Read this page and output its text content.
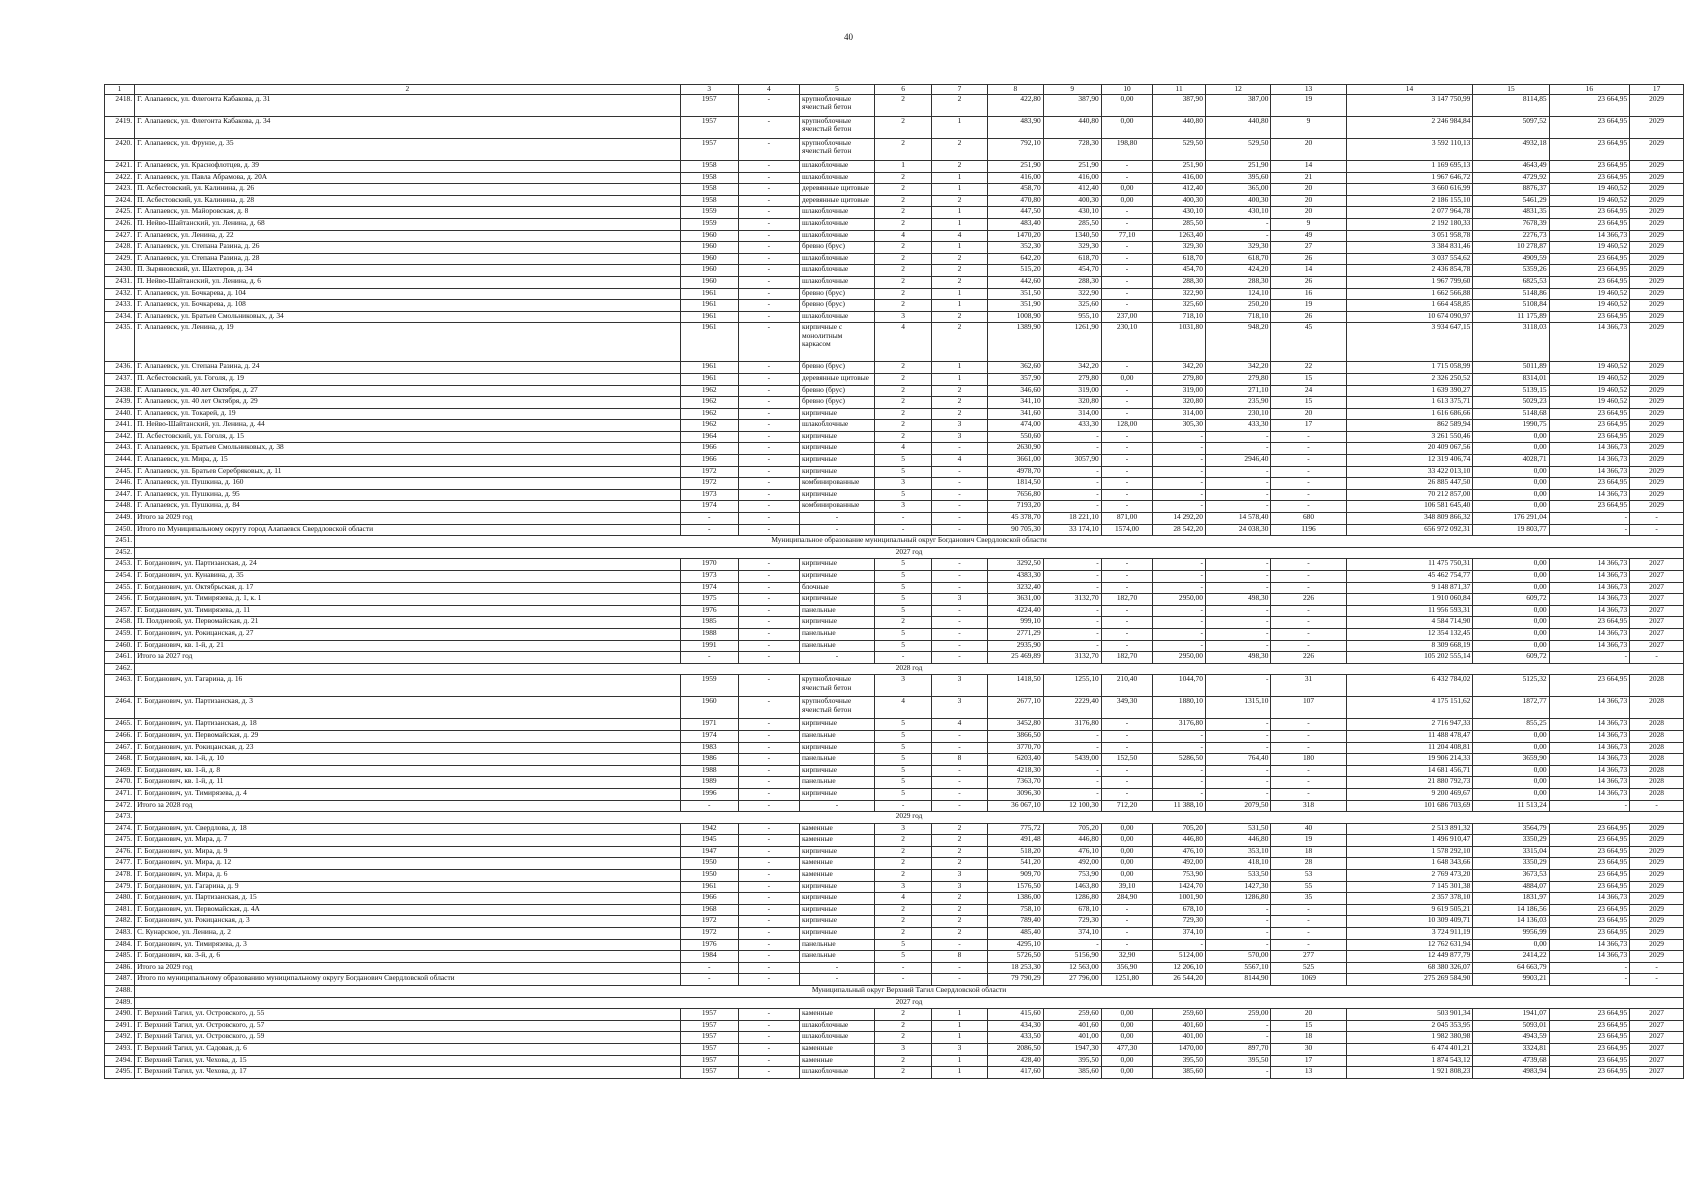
40
1	2	3	4	5	6	7	8	9	10	11	12	13	14	15	16	17
2418.	Г. Алапаевск, ул. Флегонта Кабакова, д. 31	1957	-	крупноблочные ячеистый бетон	2	2	422,80	387,90	0,00	387,90	387,00	19	3 147 750,99	8114,85	23 664,95	2029
2419.	Г. Алапаевск, ул. Флегонта Кабакова, д. 34	1957	-	крупноблочные ячеистый бетон	2	1	483,90	440,80	0,00	440,80	440,80	9	2 246 984,84	5097,52	23 664,95	2029
2420.	Г. Алапаевск, ул. Фрунзе, д. 35	1957	-	крупноблочные ячеистый бетон	2	2	792,10	728,30	198,80	529,50	529,50	20	3 592 110,13	4932,18	23 664,95	2029
2421.	Г. Алапаевск, ул. Краснофлотцев, д. 39	1958	-	шлакоблочные	1	2	251,90	251,90	-	251,90	251,90	14	1 169 695,13	4643,49	23 664,95	2029
2422.	Г. Алапаевск, ул. Павла Абрамова, д. 20А	1958	-	шлакоблочные	2	1	416,00	416,00	-	416,00	395,60	21	1 967 646,72	4729,92	23 664,95	2029
2423.	П. Асбестовский, ул. Калинина, д. 26	1958	-	деревянные щитовые	2	1	458,70	412,40	0,00	412,40	365,00	20	3 660 616,99	8876,37	19 460,52	2029
2424.	П. Асбестовский, ул. Калинина, д. 28	1958	-	деревянные щитовые	2	2	470,80	400,30	0,00	400,30	400,30	20	2 186 155,10	5461,29	19 460,52	2029
2425.	Г. Алапаевск, ул. Майоровская, д. 8	1959	-	шлакоблочные	2	1	447,50	430,10	-	430,10	430,10	20	2 077 964,78	4831,35	23 664,95	2029
2426.	П. Нейво-Шайтанский, ул. Ленина, д. 68	1959	-	шлакоблочные	2	1	483,40	285,50	-	285,50	-	9	2 192 180,33	7678,39	23 664,95	2029
2427.	Г. Алапаевск, ул. Ленина, д. 22	1960	-	шлакоблочные	4	4	1470,20	1340,50	77,10	1263,40	-	49	3 051 958,78	2276,73	14 366,73	2029
2428.	Г. Алапаевск, ул. Степана Разина, д. 26	1960	-	бревно (брус)	2	1	352,30	329,30	-	329,30	329,30	27	3 384 831,46	10 278,87	19 460,52	2029
2429.	Г. Алапаевск, ул. Степана Разина, д. 28	1960	-	шлакоблочные	2	2	642,20	618,70	-	618,70	618,70	26	3 037 554,62	4909,59	23 664,95	2029
2430.	П. Зыряновский, ул. Шахтеров, д. 34	1960	-	шлакоблочные	2	2	515,20	454,70	-	454,70	424,20	14	2 436 854,78	5359,26	23 664,95	2029
2431.	П. Нейво-Шайтанский, ул. Ленина, д. 6	1960	-	шлакоблочные	2	2	442,60	288,30	-	288,30	288,30	26	1 967 799,60	6825,53	23 664,95	2029
2432.	Г. Алапаевск, ул. Бочкарева, д. 104	1961	-	бревно (брус)	2	1	351,50	322,90	-	322,90	124,10	16	1 662 566,88	5148,86	19 460,52	2029
2433.	Г. Алапаевск, ул. Бочкарева, д. 108	1961	-	бревно (брус)	2	1	351,90	325,60	-	325,60	250,20	19	1 664 458,85	5108,84	19 460,52	2029
2434.	Г. Алапаевск, ул. Братьев Смольниковых, д. 34	1961	-	шлакоблочные	3	2	1008,90	955,10	237,00	718,10	718,10	26	10 674 090,97	11 175,89	23 664,95	2029
2435.	Г. Алапаевск, ул. Ленина, д. 19	1961	-	кирпичные с монолитным каркасом	4	2	1389,90	1261,90	230,10	1031,80	948,20	45	3 934 647,15	3118,03	14 366,73	2029
2436.	Г. Алапаевск, ул. Степана Разина, д. 24	1961	-	бревно (брус)	2	1	362,60	342,20	-	342,20	342,20	22	1 715 058,99	5011,89	19 460,52	2029
2437.	П. Асбестовский, ул. Гоголя, д. 19	1961	-	деревянные щитовые	2	1	357,90	279,80	0,00	279,80	279,80	15	2 326 250,52	8314,01	19 460,52	2029
2438.	Г. Алапаевск, ул. 40 лет Октября, д. 27	1962	-	бревно (брус)	2	2	346,60	319,00	-	319,00	271,10	24	1 639 390,27	5139,15	19 460,52	2029
2439.	Г. Алапаевск, ул. 40 лет Октября, д. 29	1962	-	бревно (брус)	2	2	341,10	320,80	-	320,80	235,90	15	1 613 375,71	5029,23	19 460,52	2029
2440.	Г. Алапаевск, ул. Токарей, д. 19	1962	-	кирпичные	2	2	341,60	314,00	-	314,00	230,10	20	1 616 686,66	5148,68	23 664,95	2029
2441.	П. Нейво-Шайтанский, ул. Ленина, д. 44	1962	-	шлакоблочные	2	3	474,00	433,30	128,00	305,30	433,30	17	862 589,94	1990,75	23 664,95	2029
2442.	П. Асбестовский, ул. Гоголя, д. 15	1964	-	кирпичные	2	3	550,60	-	-	-	-	-	3 261 550,46	0,00	23 664,95	2029
2443.	Г. Алапаевск, ул. Братьев Смольниковых, д. 38	1966	-	кирпичные	4	-	2630,90	-	-	-	-	-	20 409 067,56	0,00	14 366,73	2029
2444.	Г. Алапаевск, ул. Мира, д. 15	1966	-	кирпичные	5	4	3661,00	3057,90	-	-	2946,40	-	12 319 406,74	4028,71	14 366,73	2029
2445.	Г. Алапаевск, ул. Братьев Серебряковых, д. 11	1972	-	кирпичные	5	-	4978,70	-	-	-	-	-	33 422 013,10	0,00	14 366,73	2029
2446.	Г. Алапаевск, ул. Пушкина, д. 160	1972	-	комбинированные	3	-	1814,50	-	-	-	-	-	26 885 447,50	0,00	23 664,95	2029
2447.	Г. Алапаевск, ул. Пушкина, д. 95	1973	-	кирпичные	5	-	7656,80	-	-	-	-	-	70 212 857,00	0,00	14 366,73	2029
2448.	Г. Алапаевск, ул. Пушкина, д. 84	1974	-	комбинированные	3	-	7193,20	-	-	-	-	-	106 581 645,40	0,00	23 664,95	2029
2449.	Итого за 2029 год	-	-	-	-	-	45 378,70	18 221,10	871,00	14 292,20	14 578,40	680	348 809 866,32	176 291,04	-	-
2450.	Итого по Муниципальному округу город Алапаевск Свердловской области	-	-	-	-	-	90 705,30	33 174,10	1574,00	28 542,20	24 038,30	1196	656 972 092,31	19 803,77	-	-
2451.	Муниципальное образование муниципальный округ Богданович Свердловской области															
2452.	2027 год															
2453.	Г. Богданович, ул. Партизанская, д. 24	1970	-	кирпичные	5	-	3292,50	-	-	-	-	-	11 475 750,31	0,00	14 366,73	2027
2454.	Г. Богданович, ул. Кунавина, д. 35	1973	-	кирпичные	5	-	4383,30	-	-	-	-	-	45 462 754,77	0,00	14 366,73	2027
2455.	Г. Богданович, ул. Октябрьская, д. 17	1974	-	блочные	5	-	3232,40	-	-	-	-	-	9 148 871,37	0,00	14 366,73	2027
2456.	Г. Богданович, ул. Тимирязева, д. 1, к. 1	1975	-	кирпичные	5	3	3631,00	3132,70	182,70	2950,00	498,30	226	1 910 060,84	609,72	14 366,73	2027
2457.	Г. Богданович, ул. Тимирязева, д. 11	1976	-	панельные	5	-	4224,40	-	-	-	-	-	11 956 593,31	0,00	14 366,73	2027
2458.	П. Полдневой, ул. Первомайская, д. 21	1985	-	кирпичные	2	-	999,10	-	-	-	-	-	4 584 714,90	0,00	23 664,95	2027
2459.	Г. Богданович, ул. Рокицанская, д. 27	1988	-	панельные	5	-	2771,29	-	-	-	-	-	12 354 132,45	0,00	14 366,73	2027
2460.	Г. Богданович, кв. 1-й, д. 21	1991	-	панельные	5	-	2935,90	-	-	-	-	-	8 309 668,19	0,00	14 366,73	2027
2461.	Итого за 2027 год	-	-	-	-	-	25 469,89	3132,70	182,70	2950,00	498,30	226	105 202 555,14	609,72	-	-
2462.	2028 год															
2463.	Г. Богданович, ул. Гагарина, д. 16	1959	-	крупноблочные ячеистый бетон	3	3	1418,50	1255,10	210,40	1044,70	-	31	6 432 784,02	5125,32	23 664,95	2028
2464.	Г. Богданович, ул. Партизанская, д. 3	1960	-	крупноблочные ячеистый бетон	4	3	2677,10	2229,40	349,30	1880,10	1315,10	107	4 175 151,62	1872,77	14 366,73	2028
2465.	Г. Богданович, ул. Партизанская, д. 18	1971	-	кирпичные	5	4	3452,80	3176,80	-	3176,80	-	-	2 716 947,33	855,25	14 366,73	2028
2466.	Г. Богданович, ул. Первомайская, д. 29	1974	-	панельные	5	-	3866,50	-	-	-	-	-	11 488 478,47	0,00	14 366,73	2028
2467.	Г. Богданович, ул. Рокицанская, д. 23	1983	-	кирпичные	5	-	3770,70	-	-	-	-	-	11 204 408,81	0,00	14 366,73	2028
2468.	Г. Богданович, кв. 1-й, д. 10	1986	-	панельные	5	8	6203,40	5439,00	152,50	5286,50	764,40	180	19 906 214,33	3659,90	14 366,73	2028
2469.	Г. Богданович, кв. 1-й, д. 8	1988	-	кирпичные	5	-	4218,30	-	-	-	-	-	14 681 456,71	0,00	14 366,73	2028
2470.	Г. Богданович, кв. 1-й, д. 11	1989	-	панельные	5	-	7363,70	-	-	-	-	-	21 880 792,73	0,00	14 366,73	2028
2471.	Г. Богданович, ул. Тимирязева, д. 4	1996	-	кирпичные	5	-	3096,30	-	-	-	-	-	9 200 469,67	0,00	14 366,73	2028
2472.	Итого за 2028 год	-	-	-	-	-	36 067,10	12 100,30	712,20	11 388,10	2079,50	318	101 686 703,69	11 513,24	-	-
2473.	2029 год															
2474.	Г. Богданович, ул. Свердлова, д. 18	1942	-	каменные	3	2	775,72	705,20	0,00	705,20	531,50	40	2 513 891,32	3564,79	23 664,95	2029
2475.	Г. Богданович, ул. Мира, д. 7	1945	-	каменные	2	2	491,48	446,80	0,00	446,80	446,80	19	1 496 910,47	3350,29	23 664,95	2029
2476.	Г. Богданович, ул. Мира, д. 9	1947	-	кирпичные	2	2	518,20	476,10	0,00	476,10	353,10	18	1 578 292,10	3315,04	23 664,95	2029
2477.	Г. Богданович, ул. Мира, д. 12	1950	-	каменные	2	2	541,20	492,00	0,00	492,00	418,10	28	1 648 343,66	3350,29	23 664,95	2029
2478.	Г. Богданович, ул. Мира, д. 6	1950	-	каменные	2	3	909,70	753,90	0,00	753,90	533,50	53	2 769 473,20	3673,53	23 664,95	2029
2479.	Г. Богданович, ул. Гагарина, д. 9	1961	-	кирпичные	3	3	1576,50	1463,80	39,10	1424,70	1427,30	55	7 145 301,38	4884,07	23 664,95	2029
2480.	Г. Богданович, ул. Партизанская, д. 15	1966	-	кирпичные	4	2	1386,00	1286,80	284,90	1001,90	1286,80	35	2 357 378,10	1831,97	14 366,73	2029
2481.	Г. Богданович, ул. Первомайская, д. 4А	1968	-	кирпичные	2	2	758,10	678,10	-	678,10	-	-	9 619 505,21	14 186,56	23 664,95	2029
2482.	Г. Богданович, ул. Рокицанская, д. 3	1972	-	кирпичные	2	2	789,40	729,30	-	729,30	-	-	10 309 409,71	14 136,03	23 664,95	2029
2483.	С. Кунарское, ул. Ленина, д. 2	1972	-	кирпичные	2	2	485,40	374,10	-	374,10	-	-	3 724 911,19	9956,99	23 664,95	2029
2484.	Г. Богданович, ул. Тимирязева, д. 3	1976	-	панельные	5	-	4295,10	-	-	-	-	-	12 762 631,94	0,00	14 366,73	2029
2485.	Г. Богданович, кв. 3-й, д. 6	1984	-	панельные	5	8	5726,50	5156,90	32,90	5124,00	570,00	277	12 449 877,79	2414,22	14 366,73	2029
2486.	Итого за 2029 год	-	-	-	-	-	18 253,30	12 563,00	356,90	12 206,10	5567,10	525	68 380 326,07	64 663,79	-	-
2487.	Итого по муниципальному образованию муниципальному округу Богданович Свердловской области	-	-	-	-	-	79 790,29	27 796,00	1251,80	26 544,20	8144,90	1069	275 269 584,90	9903,21	-	-
2488.	Муниципальный округ Верхний Тагил Свердловской области															
2489.	2027 год															
2490.	Г. Верхний Тагил, ул. Островского, д. 55	1957	-	каменные	2	1	415,60	259,60	0,00	259,60	259,00	20	503 901,34	1941,07	23 664,95	2027
2491.	Г. Верхний Тагил, ул. Островского, д. 57	1957	-	шлакоблочные	2	1	434,30	401,60	0,00	401,60	-	15	2 045 353,95	5093,01	23 664,95	2027
2492.	Г. Верхний Тагил, ул. Островского, д. 59	1957	-	шлакоблочные	2	1	433,50	401,00	0,00	401,00	-	18	1 982 380,98	4943,59	23 664,95	2027
2493.	Г. Верхний Тагил, ул. Садовая, д. 6	1957	-	каменные	3	3	2086,50	1947,30	477,30	1470,00	897,70	30	6 474 401,21	3324,81	23 664,95	2027
2494.	Г. Верхний Тагил, ул. Чехова, д. 15	1957	-	каменные	2	1	428,40	395,50	0,00	395,50	395,50	17	1 874 543,12	4739,68	23 664,95	2027
2495.	Г. Верхний Тагил, ул. Чехова, д. 17	1957	-	шлакоблочные	2	1	417,60	385,60	0,00	385,60	-	13	1 921 808,23	4983,94	23 664,95	2027
